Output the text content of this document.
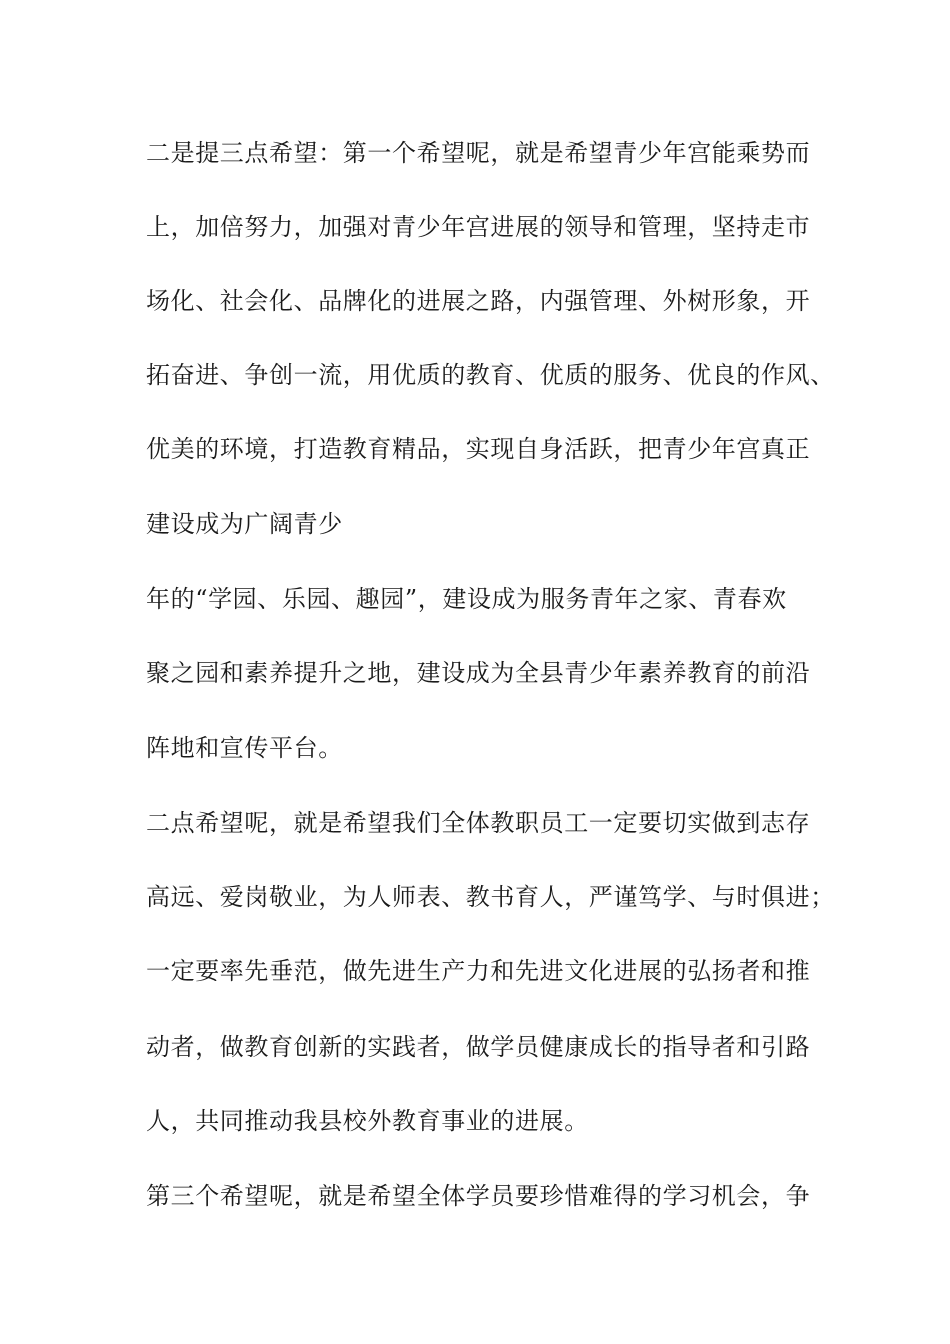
二是提三点希望：第一个希望呢，就是希望青少年宫能乘势而
上，加倍努力，加强对青少年宫进展的领导和管理，坚持走市
场化、社会化、品牌化的进展之路，内强管理、外树形象，开
拓奋进、争创一流，用优质的教育、优质的服务、优良的作风、
优美的环境，打造教育精品，实现自身活跃，把青少年宫真正
建设成为广阔青少
年的“学园、乐园、趣园”，建设成为服务青年之家、青春欢
聚之园和素养提升之地，建设成为全县青少年素养教育的前沿
阵地和宣传平台。
二点希望呢，就是希望我们全体教职员工一定要切实做到志存
高远、爱岗敬业，为人师表、教书育人，严谨笃学、与时俱进；
一定要率先垂范，做先进生产力和先进文化进展的弘扬者和推
动者，做教育创新的实践者，做学员健康成长的指导者和引路
人，共同推动我县校外教育事业的进展。
第三个希望呢，就是希望全体学员要珍惜难得的学习机会，争
